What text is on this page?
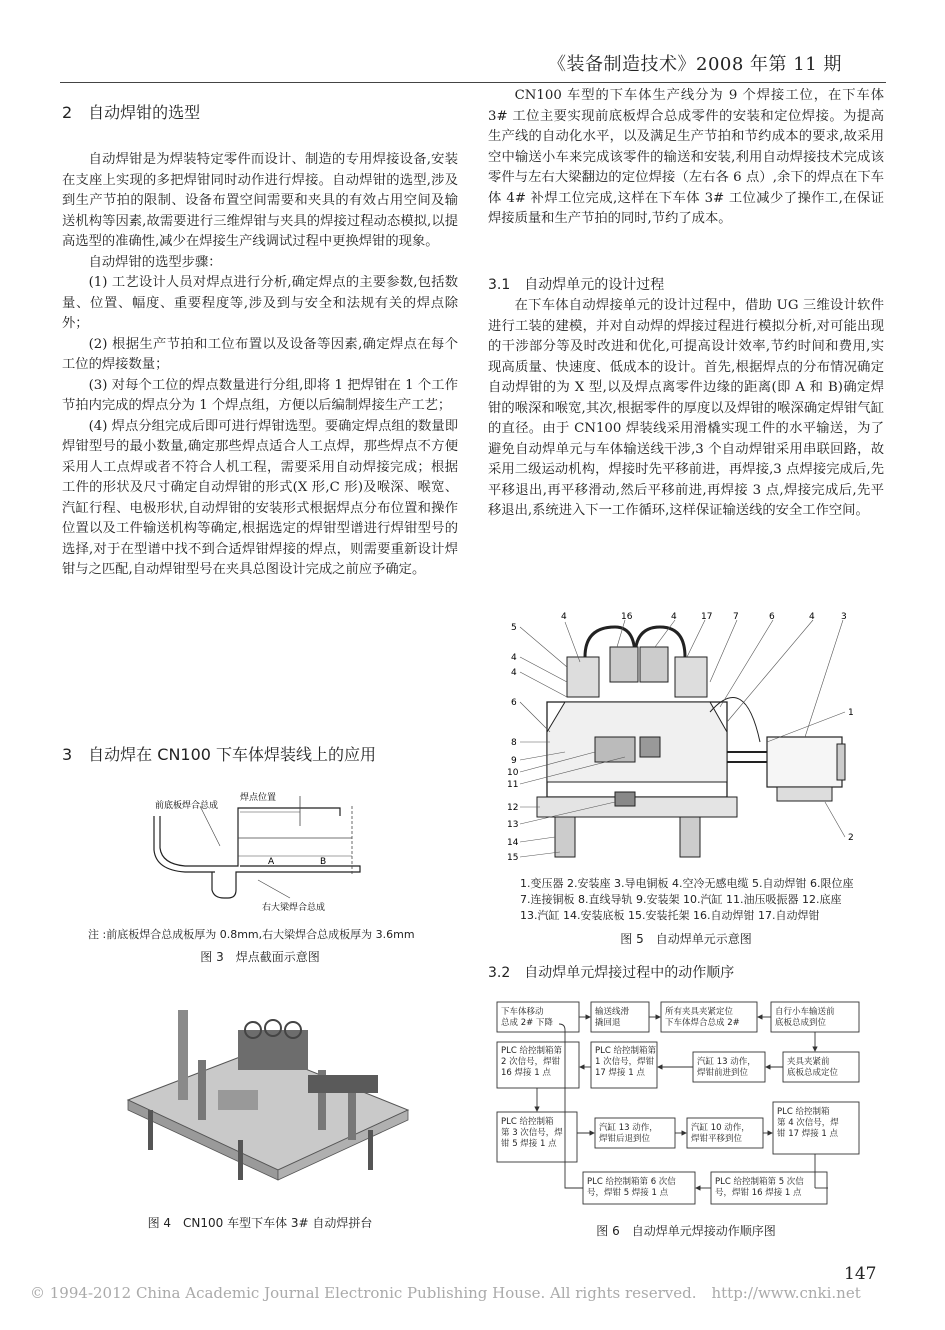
《装备制造技术》2008 年第 11 期
2　自动焊钳的选型

自动焊钳是为焊装特定零件而设计、制造的专用焊接设备,安装在支座上实现的多把焊钳同时动作进行焊接。自动焊钳的选型,涉及到生产节拍的限制、设备布置空间需要和夹具的有效占用空间及输送机构等因素,故需要进行三维焊钳与夹具的焊接过程动态模拟,以提高选型的准确性,减少在焊接生产线调试过程中更换焊钳的现象。

自动焊钳的选型步骤：

(1) 工艺设计人员对焊点进行分析,确定焊点的主要参数,包括数量、位置、幅度、重要程度等,涉及到与安全和法规有关的焊点除外；

(2) 根据生产节拍和工位布置以及设备等因素,确定焊点在每个工位的焊接数量；

(3) 对每个工位的焊点数量进行分组,即将 1 把焊钳在 1 个工作节拍内完成的焊点分为 1 个焊点组，方便以后编制焊接生产工艺；

(4) 焊点分组完成后即可进行焊钳选型。要确定焊点组的数量即焊钳型号的最小数量,确定那些焊点适合人工点焊，那些焊点不方便采用人工点焊或者不符合人机工程，需要采用自动焊接完成；根据工件的形状及尺寸确定自动焊钳的形式(X 形,C 形)及喉深、喉宽、汽缸行程、电极形状,自动焊钳的安装形式根据焊点分布位置和操作位置以及工件输送机构等确定,根据选定的焊钳型谱进行焊钳型号的选择,对于在型谱中找不到合适焊钳焊接的焊点，则需要重新设计焊钳与之匹配,自动焊钳型号在夹具总图设计完成之前应予确定。

3　自动焊在 CN100 下车体焊装线上的应用
前底板焊合总成
焊点位置
A	B
右大梁焊合总成
注 :前底板焊合总成板厚为 0.8mm,右大梁焊合总成板厚为 3.6mm
图 3　焊点截面示意图
图 4　CN100 车型下车体 3# 自动焊拼台

CN100 车型的下车体生产线分为 9 个焊接工位，在下车体 3# 工位主要实现前底板焊合总成零件的安装和定位焊接。为提高生产线的自动化水平，以及满足生产节拍和节约成本的要求,故采用空中输送小车来完成该零件的输送和安装,利用自动焊接技术完成该零件与左右大梁翻边的定位焊接（左右各 6 点）,余下的焊点在下车体 4# 补焊工位完成,这样在下车体 3# 工位减少了操作工,在保证焊接质量和生产节拍的同时,节约了成本。

3.1　自动焊单元的设计过程

在下车体自动焊接单元的设计过程中，借助 UG 三维设计软件进行工装的建模，并对自动焊的焊接过程进行模拟分析,对可能出现的干涉部分等及时改进和优化,可提高设计效率,节约时间和费用,实现高质量、快速度、低成本的设计。首先,根据焊点的分布情况确定自动焊钳的为 X 型,以及焊点离零件边缘的距离(即 A 和 B)确定焊钳的喉深和喉宽,其次,根据零件的厚度以及焊钳的喉深确定焊钳气缸的直径。由于 CN100 焊装线采用滑橇实现工件的水平输送，为了避免自动焊单元与车体输送线干涉,3 个自动焊钳采用串联回路，故采用二级运动机构，焊接时先平移前进，再焊接,3 点焊接完成后,先平移退出,再平移滑动,然后平移前进,再焊接 3 点,焊接完成后,先平移退出,系统进入下一工作循环,这样保证输送线的安全工作空间。

4	16	4	17 7	6	4	3
5
4
4
6
8
9
10
11
12
13
14
15
1
2
1.变压器 2.安装座 3.导电铜板 4.空冷无感电缆 5.自动焊钳 6.限位座 7.连接铜板 8.直线导轨 9.安装架 10.汽缸 11.油压吸振器 12.底座 13.汽缸 14.安装底板 15.安装托架 16.自动焊钳 17.自动焊钳
图 5　自动焊单元示意图
3.2　自动焊单元焊接过程中的动作顺序
下车体移动总成 2# 下降
输送线滑撬回退
所有夹具夹紧定位下车体焊合总成 2#
自行小车输送前底板总成到位
PLC 给控制箱第 2 次信号，焊钳 16 焊接 1 点
PLC 给控制箱第 1 次信号，焊钳 17 焊接 1 点
汽缸 13 动作，焊钳前进到位
夹具夹紧前底板总成定位
PLC 给控制箱第 3 次信号，焊钳 5 焊接 1 点
汽缸 13 动作，焊钳后退到位
汽缸 10 动作，焊钳平移到位
PLC 给控制箱第 4 次信号，焊钳 17 焊接 1 点
PLC 给控制箱第 6 次信号，焊钳 5 焊接 1 点
PLC 给控制箱第 5 次信号，焊钳 16 焊接 1 点
图 6　自动焊单元焊接动作顺序图
147
© 1994-2012 China Academic Journal Electronic Publishing House. All rights reserved.　http://www.cnki.net
